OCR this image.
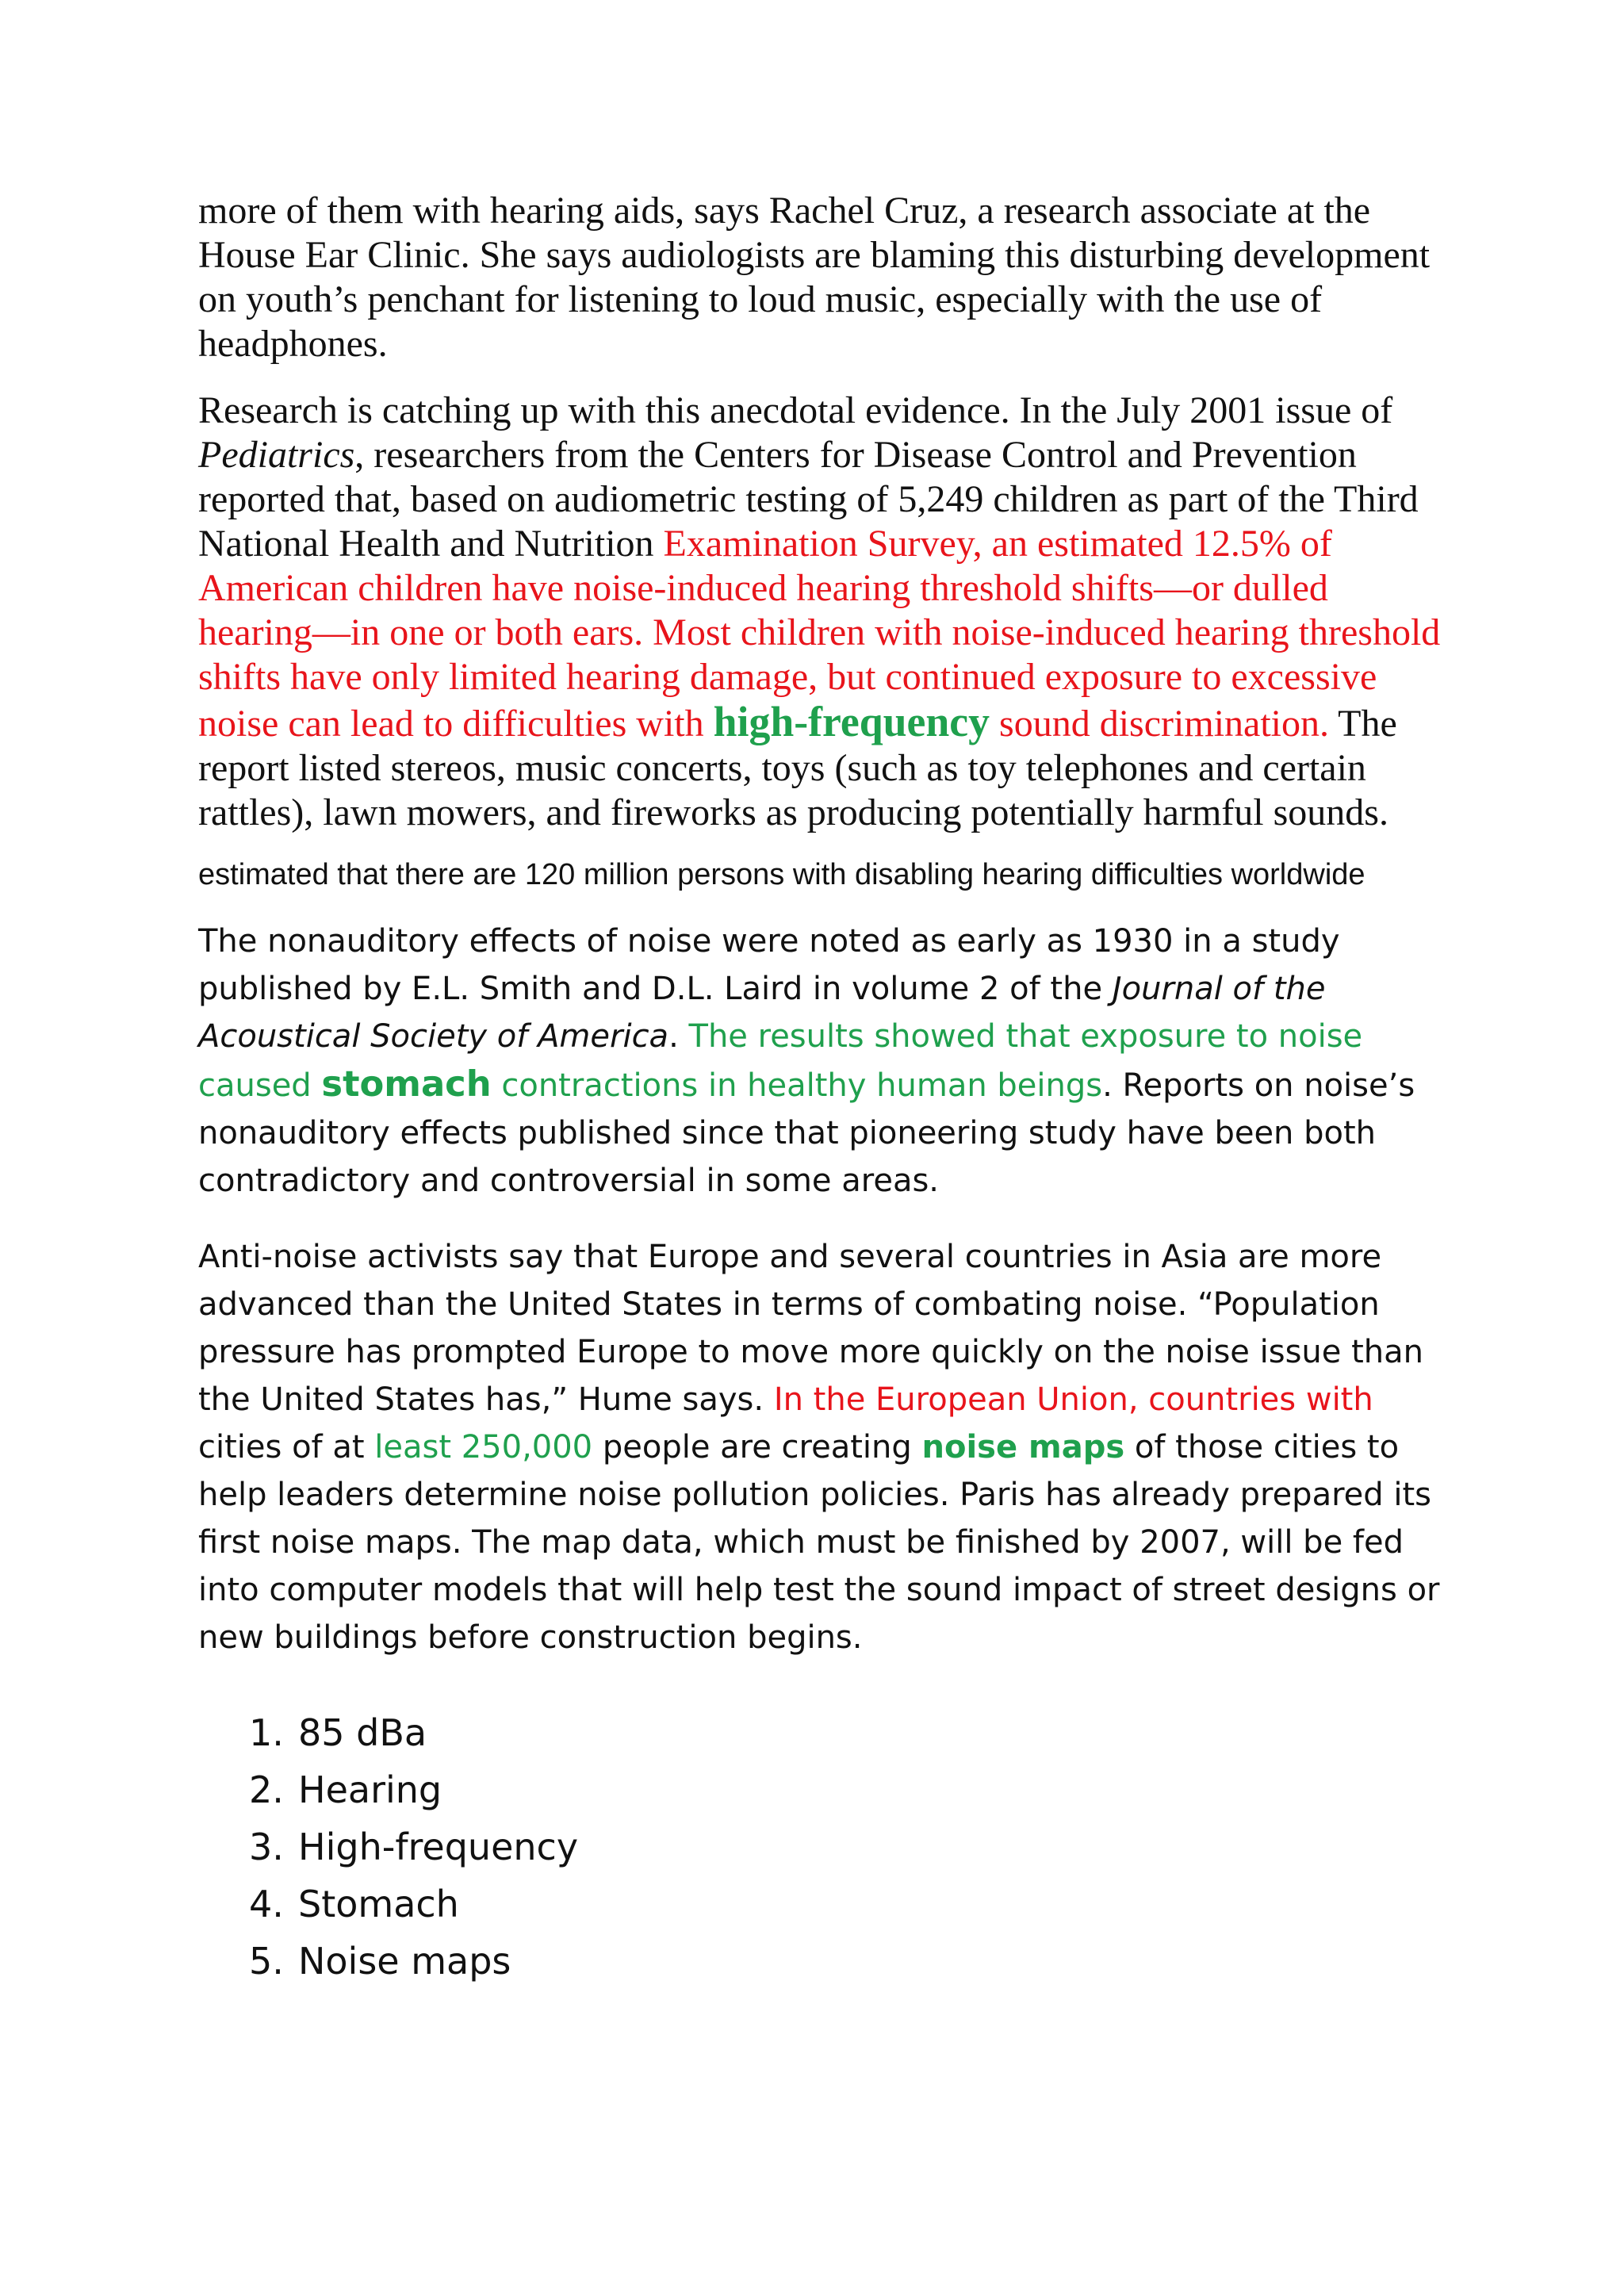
more of them with hearing aids, says Rachel Cruz, a research associate at the House Ear Clinic. She says audiologists are blaming this disturbing development on youth’s penchant for listening to loud music, especially with the use of headphones.

Research is catching up with this anecdotal evidence. In the July 2001 issue of Pediatrics, researchers from the Centers for Disease Control and Prevention reported that, based on audiometric testing of 5,249 children as part of the Third National Health and Nutrition Examination Survey, an estimated 12.5% of American children have noise-induced hearing threshold shifts—or dulled hearing—in one or both ears. Most children with noise-induced hearing threshold shifts have only limited hearing damage, but continued exposure to excessive noise can lead to difficulties with high-frequency sound discrimination. The report listed stereos, music concerts, toys (such as toy telephones and certain rattles), lawn mowers, and fireworks as producing potentially harmful sounds.

estimated that there are 120 million persons with disabling hearing difficulties worldwide

The nonauditory effects of noise were noted as early as 1930 in a study published by E.L. Smith and D.L. Laird in volume 2 of the Journal of the Acoustical Society of America. The results showed that exposure to noise caused stomach contractions in healthy human beings. Reports on noise’s nonauditory effects published since that pioneering study have been both contradictory and controversial in some areas.

Anti-noise activists say that Europe and several countries in Asia are more advanced than the United States in terms of combating noise. “Population pressure has prompted Europe to move more quickly on the noise issue than the United States has,” Hume says. In the European Union, countries with cities of at least 250,000 people are creating noise maps of those cities to help leaders determine noise pollution policies. Paris has already prepared its first noise maps. The map data, which must be finished by 2007, will be fed into computer models that will help test the sound impact of street designs or new buildings before construction begins.

1. 85 dBa
2. Hearing
3. High-frequency
4. Stomach
5. Noise maps
